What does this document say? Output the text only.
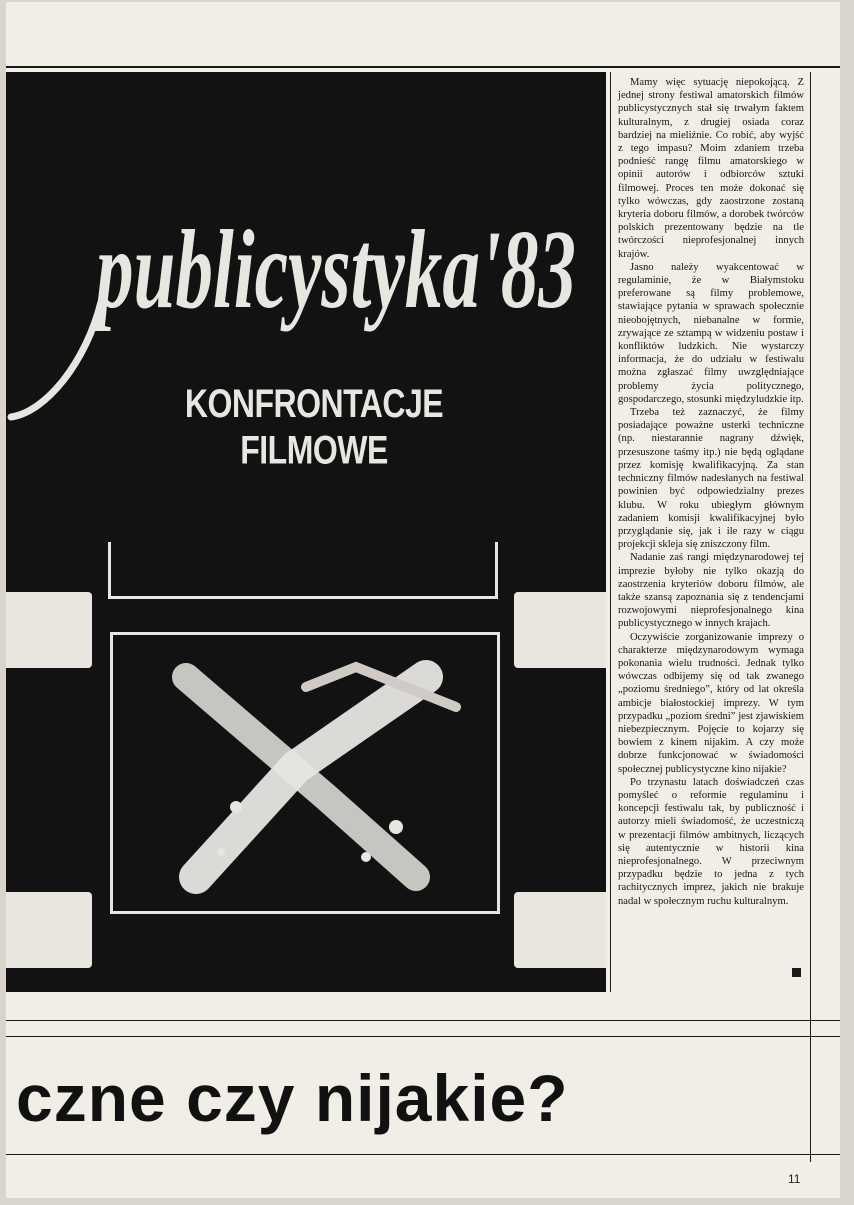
publicystyka'83
KONFRONTACJE FILMOWE

Mamy więc sytuację niepokojącą. Z jednej strony festiwal amatorskich filmów publicystycznych stał się trwałym faktem kulturalnym, z drugiej osiada coraz bardziej na mieliźnie. Co robić, aby wyjść z tego impasu? Moim zdaniem trzeba podnieść rangę filmu amatorskiego w opinii autorów i odbiorców sztuki filmowej. Proces ten może dokonać się tylko wówczas, gdy zaostrzone zostaną kryteria doboru filmów, a dorobek twórców polskich prezentowany będzie na tle twórczości nieprofesjonalnej innych krajów.

Jasno należy wyakcentować w regulaminie, że w Białymstoku preferowane są filmy problemowe, stawiające pytania w sprawach społecznie nieobojętnych, niebanalne w formie, zrywające ze sztampą w widzeniu postaw i konfliktów ludzkich. Nie wystarczy informacja, że do udziału w festiwalu można zgłaszać filmy uwzględniające problemy życia politycznego, gospodarczego, stosunki międzyludzkie itp.

Trzeba też zaznaczyć, że filmy posiadające poważne usterki techniczne (np. niestarannie nagrany dźwięk, przesuszone taśmy itp.) nie będą oglądane przez komisję kwalifikacyjną. Za stan techniczny filmów nadesłanych na festiwal powinien być odpowiedzialny prezes klubu. W roku ubiegłym głównym zadaniem komisji kwalifikacyjnej było przyglądanie się, jak i ile razy w ciągu projekcji skleja się zniszczony film.

Nadanie zaś rangi międzynarodowej tej imprezie byłoby nie tylko okazją do zaostrzenia kryteriów doboru filmów, ale także szansą zapoznania się z tendencjami rozwojowymi nieprofesjonalnego kina publicystycznego w innych krajach.

Oczywiście zorganizowanie imprezy o charakterze międzynarodowym wymaga pokonania wielu trudności. Jednak tylko wówczas odbijemy się od tak zwanego „poziomu średniego”, który od lat określa ambicje białostockiej imprezy. W tym przypadku „poziom średni” jest zjawiskiem niebezpiecznym. Pojęcie to kojarzy się bowiem z kinem nijakim. A czy może dobrze funkcjonować w świadomości społecznej publicystyczne kino nijakie?

Po trzynastu latach doświadczeń czas pomyśleć o reformie regulaminu i koncepcji festiwalu tak, by publiczność i autorzy mieli świadomość, że uczestniczą w prezentacji filmów ambitnych, liczących się autentycznie w historii kina nieprofesjonalnego. W przeciwnym przypadku będzie to jedna z tych rachitycznych imprez, jakich nie brakuje nadal w społecznym ruchu kulturalnym.

czne czy nijakie?
11
